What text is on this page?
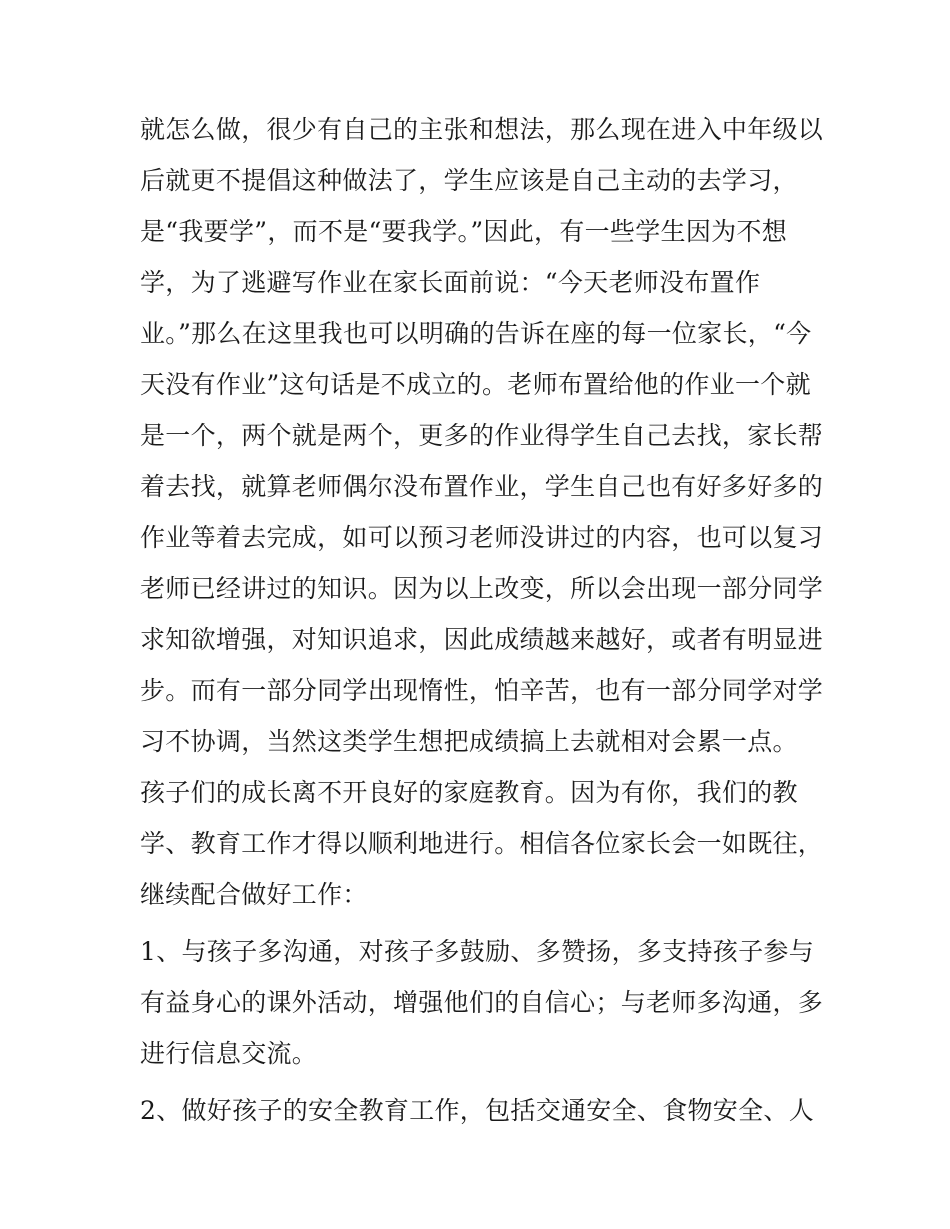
就怎么做，很少有自己的主张和想法，那么现在进入中年级以
后就更不提倡这种做法了，学生应该是自己主动的去学习，
是“我要学”，而不是“要我学。”因此，有一些学生因为不想
学，为了逃避写作业在家长面前说：“今天老师没布置作
业。”那么在这里我也可以明确的告诉在座的每一位家长，“今
天没有作业”这句话是不成立的。老师布置给他的作业一个就
是一个，两个就是两个，更多的作业得学生自己去找，家长帮
着去找，就算老师偶尔没布置作业，学生自己也有好多好多的
作业等着去完成，如可以预习老师没讲过的内容，也可以复习
老师已经讲过的知识。因为以上改变，所以会出现一部分同学
求知欲增强，对知识追求，因此成绩越来越好，或者有明显进
步。而有一部分同学出现惰性，怕辛苦，也有一部分同学对学
习不协调，当然这类学生想把成绩搞上去就相对会累一点。
孩子们的成长离不开良好的家庭教育。因为有你，我们的教
学、教育工作才得以顺利地进行。相信各位家长会一如既往，
继续配合做好工作：
1、与孩子多沟通，对孩子多鼓励、多赞扬，多支持孩子参与
有益身心的课外活动，增强他们的自信心；与老师多沟通，多
进行信息交流。
2、做好孩子的安全教育工作，包括交通安全、食物安全、人
